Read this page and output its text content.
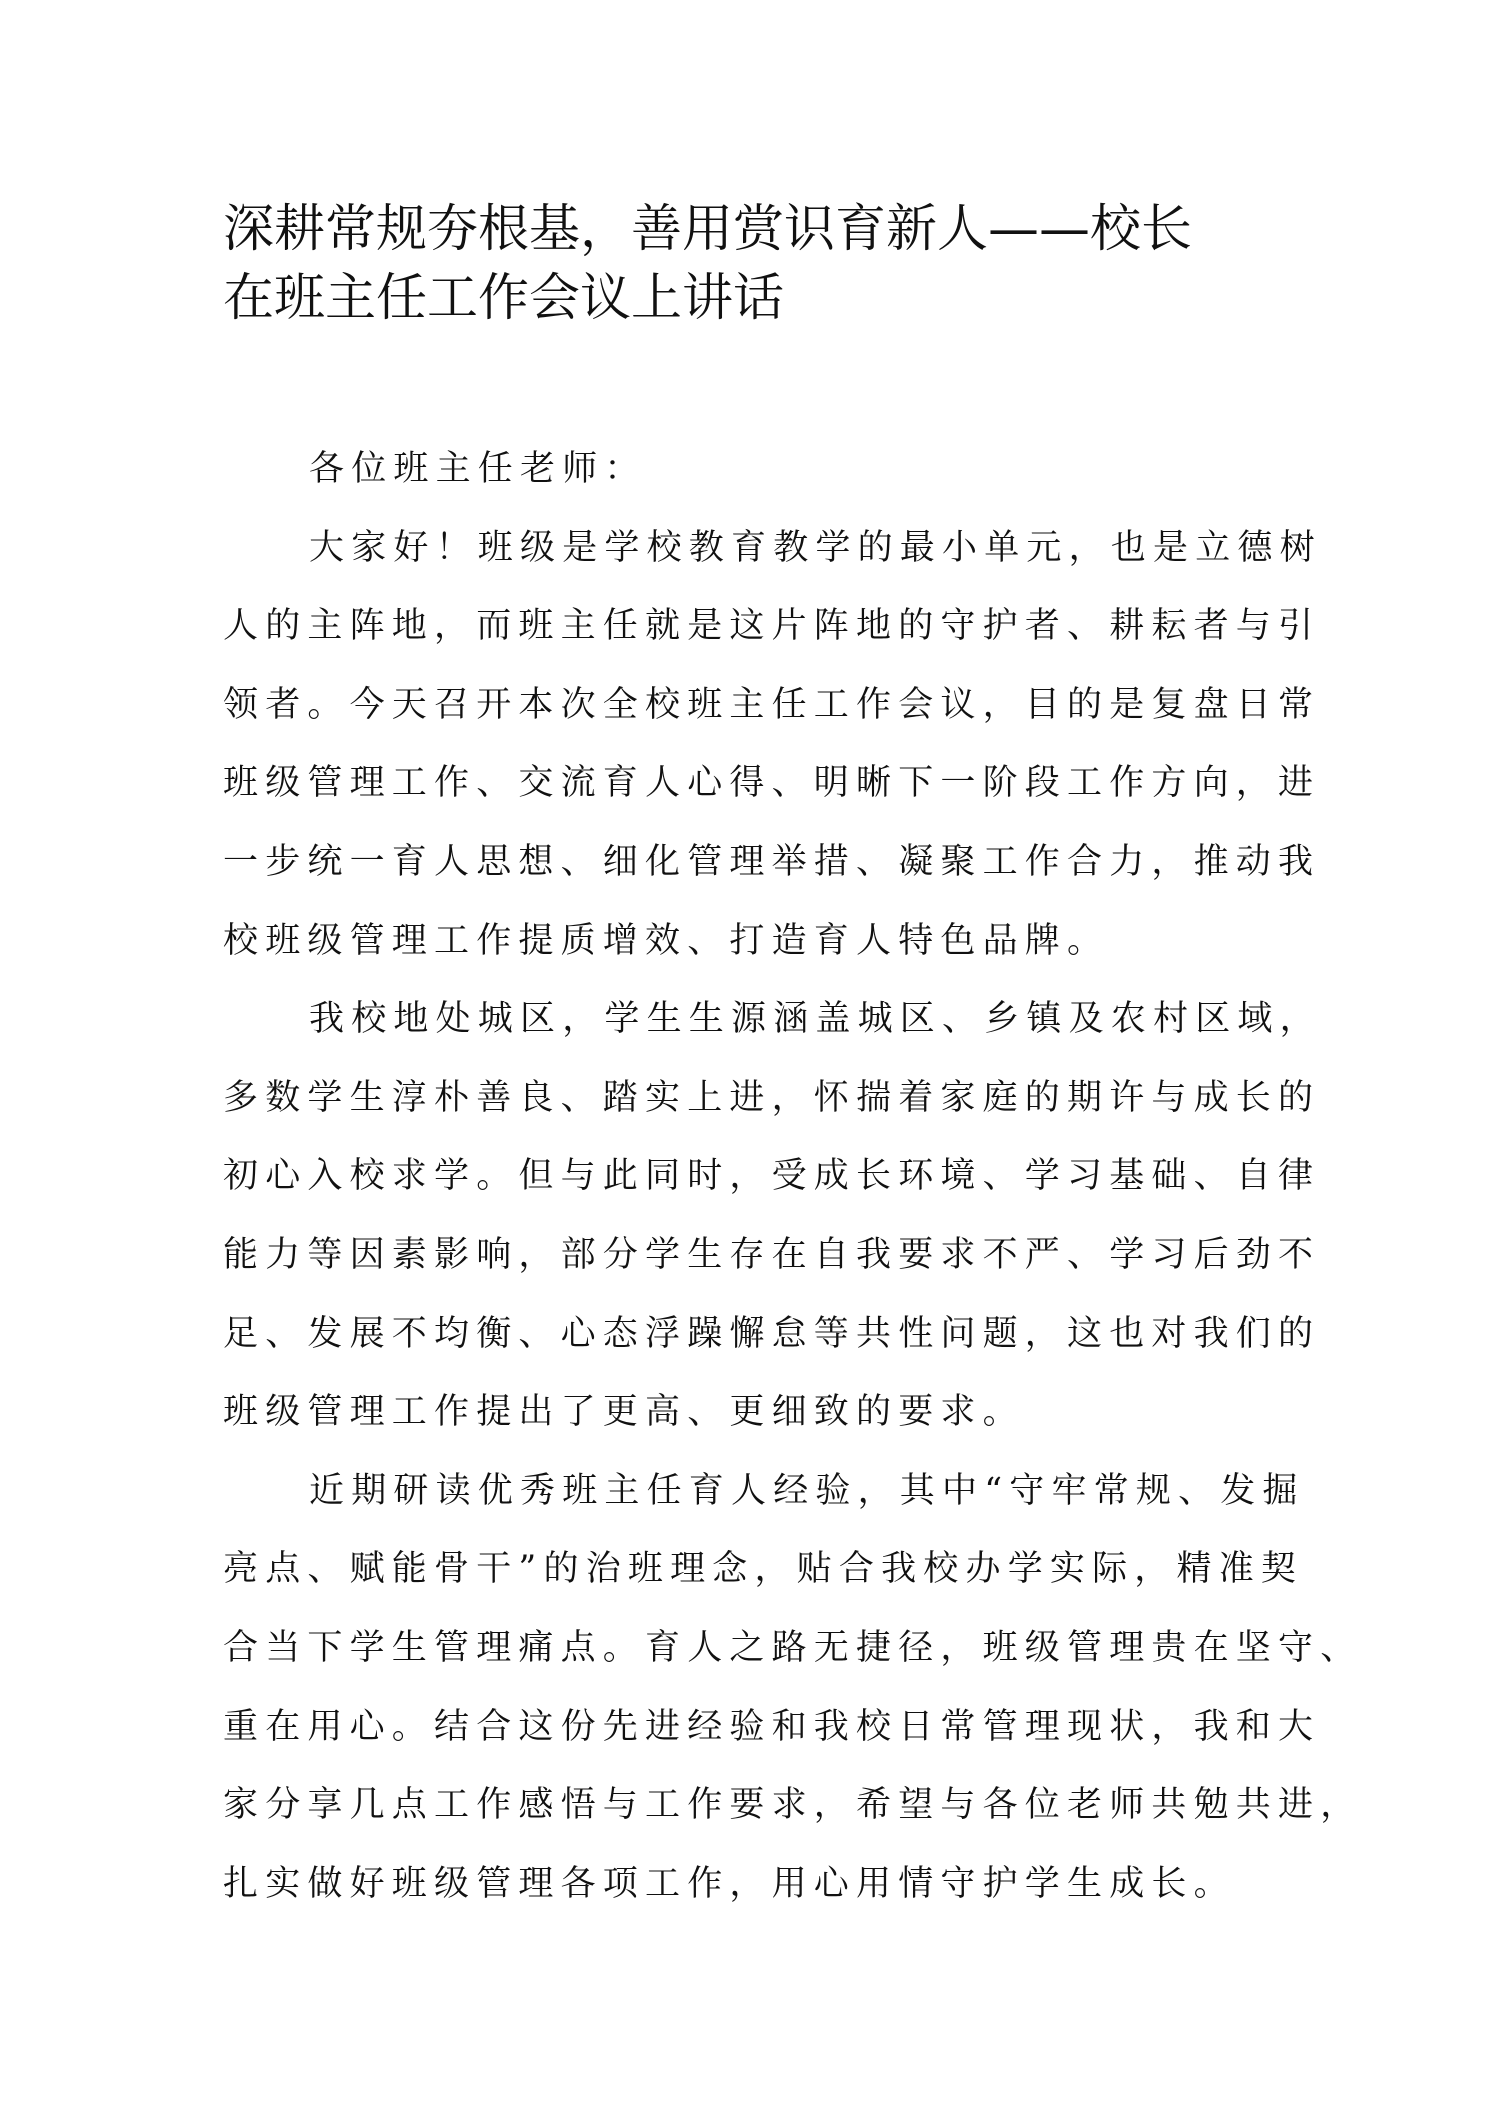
深耕常规夯根基，善用赏识育新人——校长
在班主任工作会议上讲话
各位班主任老师：
大家好！班级是学校教育教学的最小单元，也是立德树
人的主阵地，而班主任就是这片阵地的守护者、耕耘者与引
领者。今天召开本次全校班主任工作会议，目的是复盘日常
班级管理工作、交流育人心得、明晰下一阶段工作方向，进
一步统一育人思想、细化管理举措、凝聚工作合力，推动我
校班级管理工作提质增效、打造育人特色品牌。
我校地处城区，学生生源涵盖城区、乡镇及农村区域，
多数学生淳朴善良、踏实上进，怀揣着家庭的期许与成长的
初心入校求学。但与此同时，受成长环境、学习基础、自律
能力等因素影响，部分学生存在自我要求不严、学习后劲不
足、发展不均衡、心态浮躁懈怠等共性问题，这也对我们的
班级管理工作提出了更高、更细致的要求。
近期研读优秀班主任育人经验，其中“守牢常规、发掘
亮点、赋能骨干”的治班理念，贴合我校办学实际，精准契
合当下学生管理痛点。育人之路无捷径，班级管理贵在坚守、
重在用心。结合这份先进经验和我校日常管理现状，我和大
家分享几点工作感悟与工作要求，希望与各位老师共勉共进，
扎实做好班级管理各项工作，用心用情守护学生成长。
